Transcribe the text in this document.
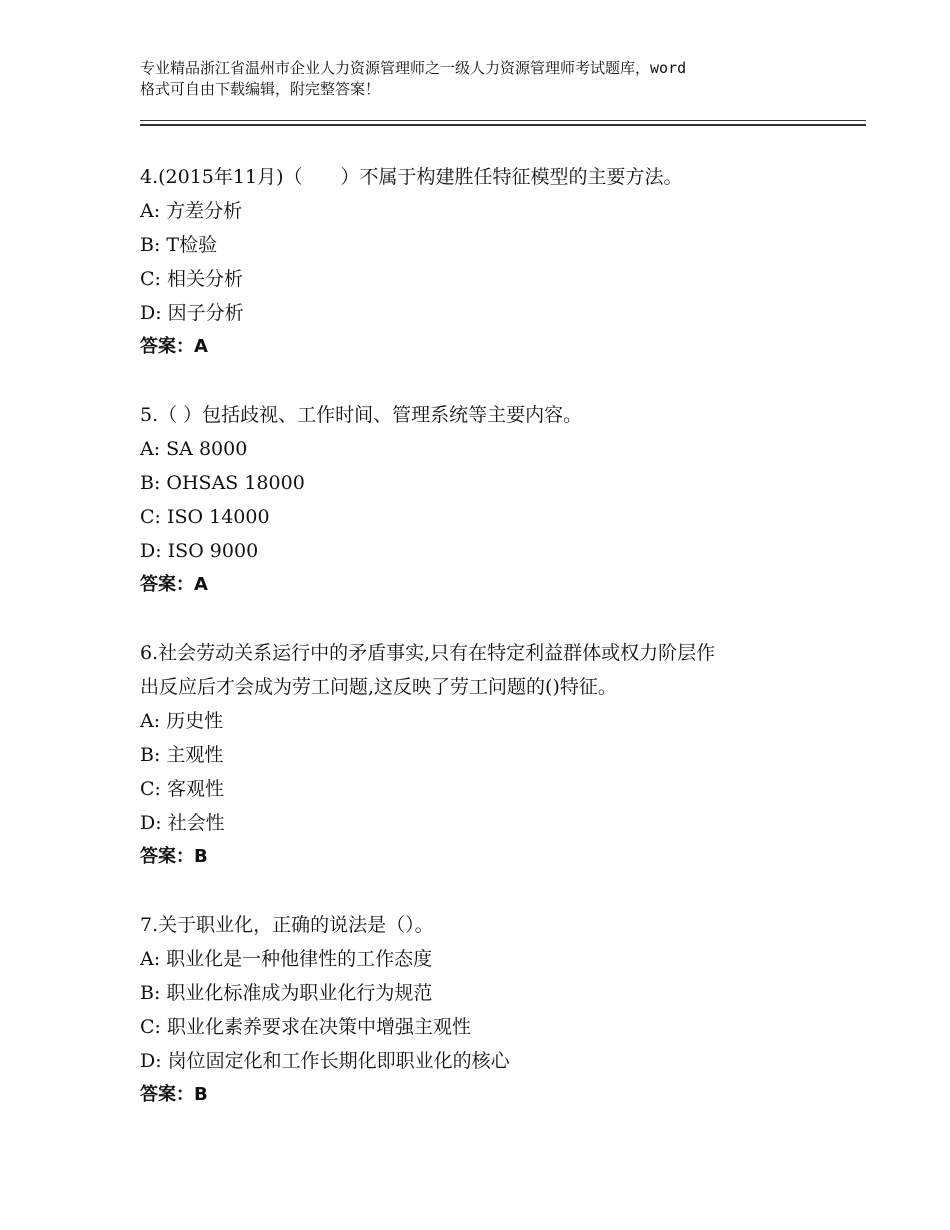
专业精品浙江省温州市企业人力资源管理师之一级人力资源管理师考试题库，word
格式可自由下载编辑，附完整答案！
4.(2015年11月)（　　）不属于构建胜任特征模型的主要方法。
A: 方差分析
B: T检验
C: 相关分析
D: 因子分析
答案：A
5.（ ）包括歧视、工作时间、管理系统等主要内容。
A: SA 8000
B: OHSAS 18000
C: ISO 14000
D: ISO 9000
答案：A
6.社会劳动关系运行中的矛盾事实,只有在特定利益群体或权力阶层作
出反应后才会成为劳工问题,这反映了劳工问题的()特征。
A: 历史性
B: 主观性
C: 客观性
D: 社会性
答案：B
7.关于职业化，正确的说法是（）。
A: 职业化是一种他律性的工作态度
B: 职业化标准成为职业化行为规范
C: 职业化素养要求在决策中增强主观性
D: 岗位固定化和工作长期化即职业化的核心
答案：B
